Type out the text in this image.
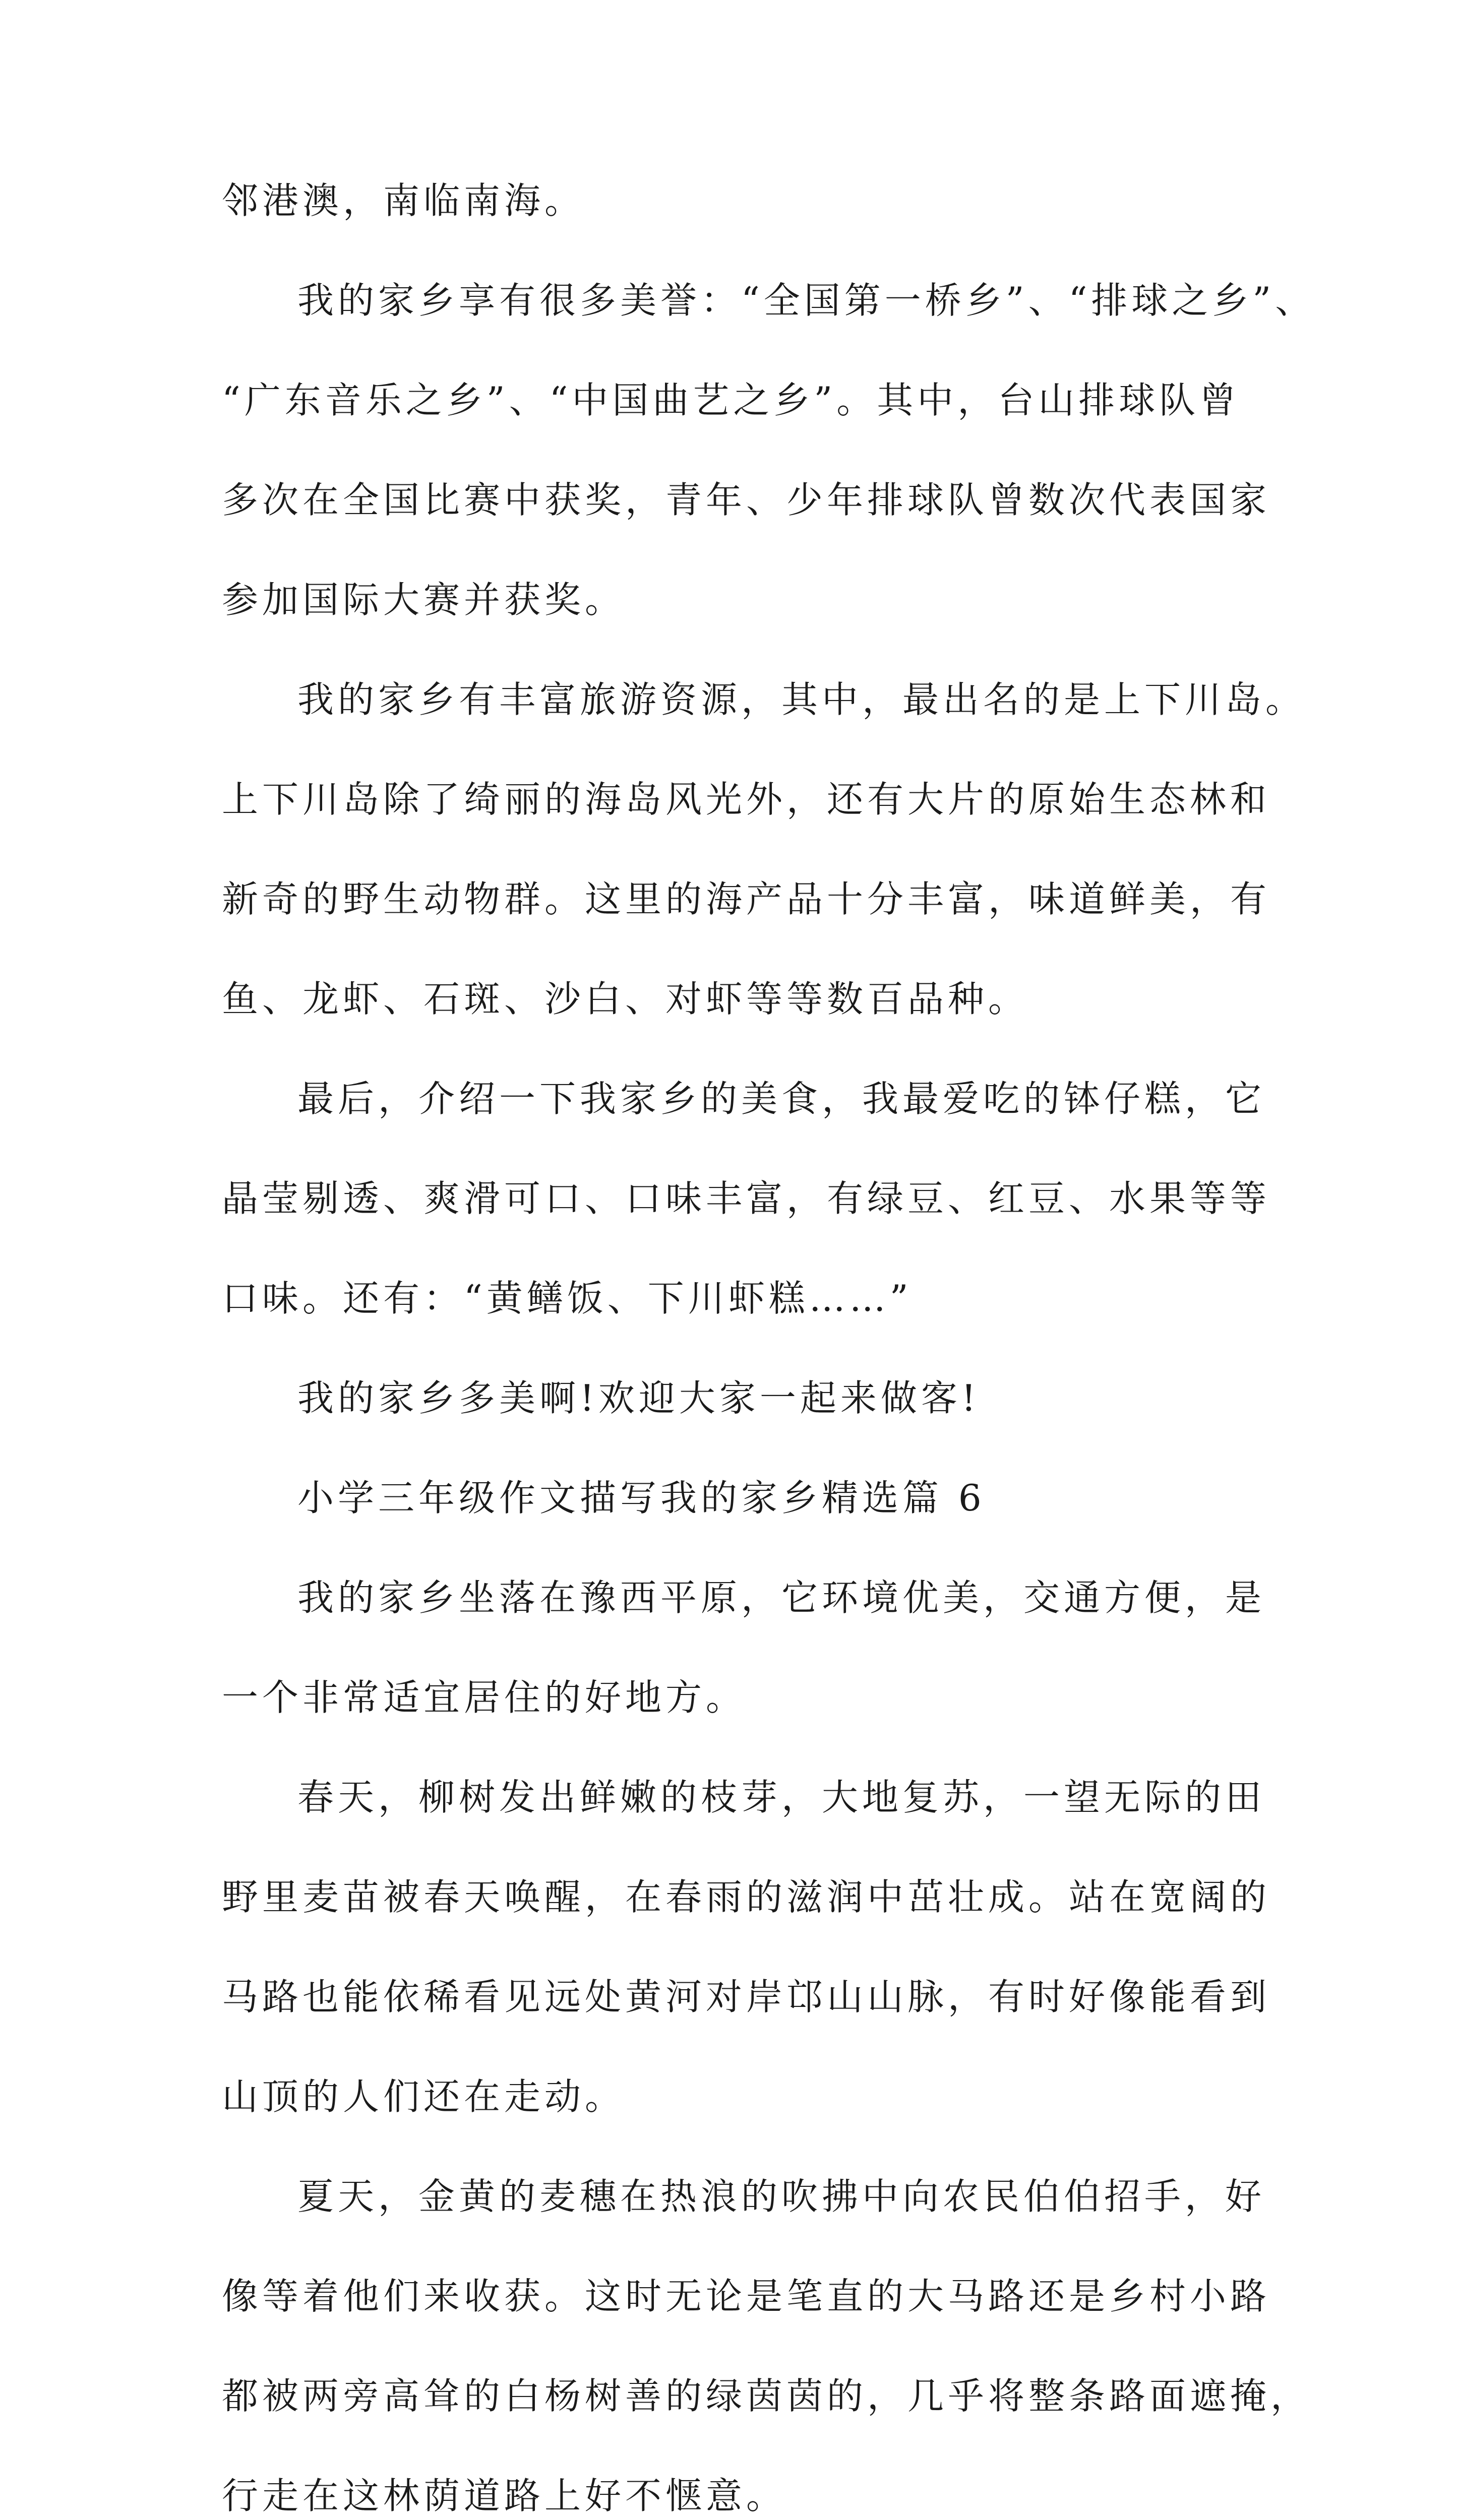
邻港澳，南临南海。
我的家乡享有很多美誉：“全国第一桥乡”、“排球之乡”、
“广东音乐之乡”、“中国曲艺之乡”。其中，台山排球队曾
多次在全国比赛中获奖，青年、少年排球队曾数次代表国家
参加国际大赛并获奖。
我的家乡有丰富旅游资源，其中，最出名的是上下川岛。
上下川岛除了绮丽的海岛风光外，还有大片的原始生态林和
新奇的野生动物群。这里的海产品十分丰富，味道鲜美，有
鱼、龙虾、石斑、沙白、对虾等等数百品种。
最后，介绍一下我家乡的美食，我最爱吃的钵仔糕，它
晶莹剔透、爽滑可口、口味丰富，有绿豆、红豆、水果等等
口味。还有：“黄鳝饭、下川虾糕……”
我的家乡多美啊!欢迎大家一起来做客!
小学三年级作文描写我的家乡精选篇 6
我的家乡坐落在豫西平原，它环境优美，交通方便，是
一个非常适宜居住的好地方。
春天，柳树发出鲜嫩的枝芽，大地复苏，一望无际的田
野里麦苗被春天唤醒，在春雨的滋润中茁壮成。站在宽阔的
马路也能依稀看见远处黄河对岸邙山山脉，有时好像能看到
山顶的人们还在走动。
夏天，金黄的麦穗在热浪的吹拂中向农民伯伯招手，好
像等着他们来收获。这时无论是笔直的大马路还是乡村小路
都被两旁高耸的白杨树善的绿茵茵的，几乎将整条路面遮掩，
行走在这林荫道路上好不惬意。
